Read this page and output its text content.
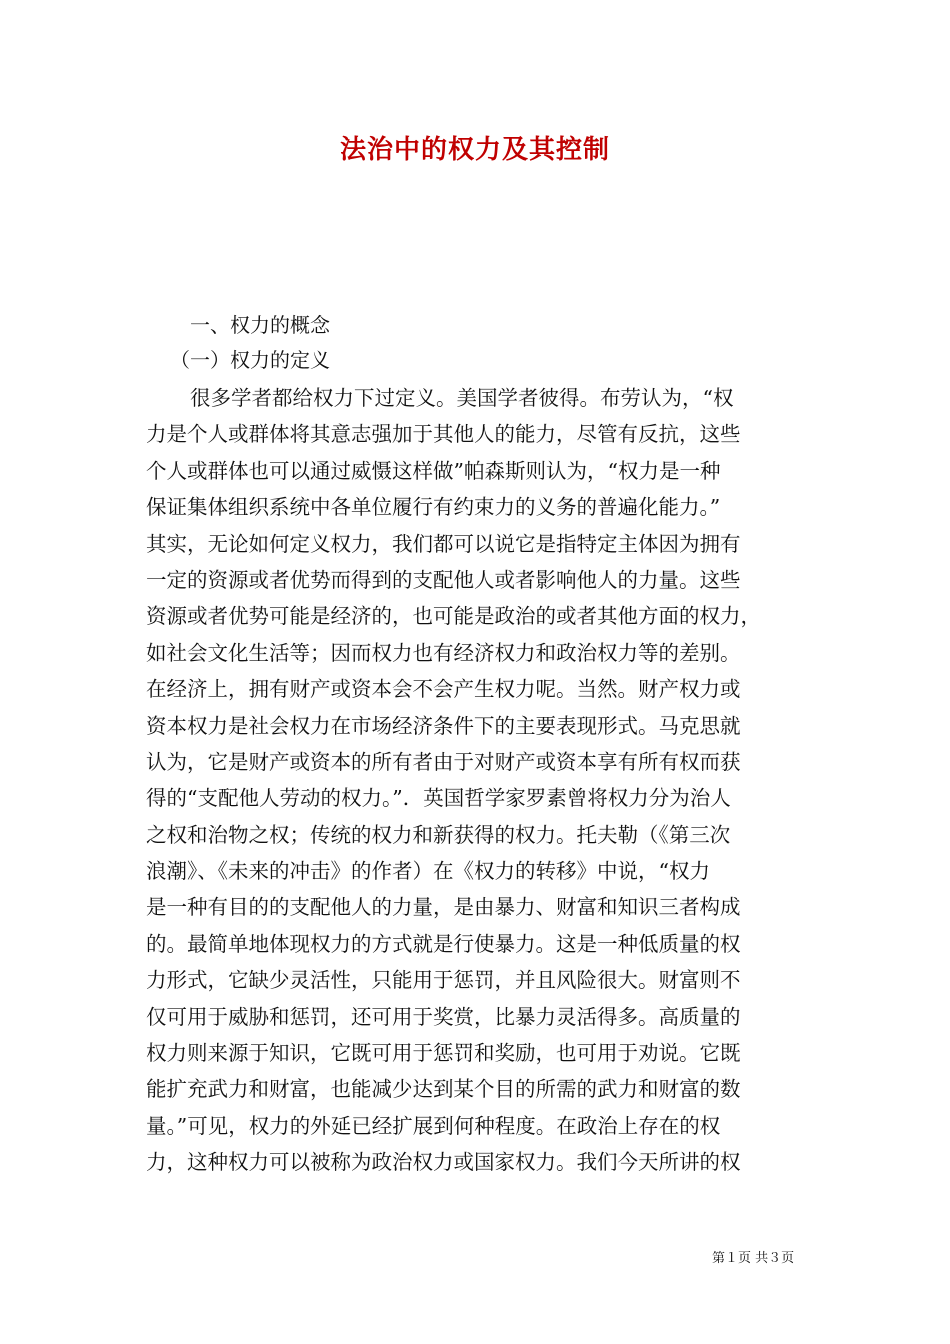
法治中的权力及其控制
一、权力的概念
（一）权力的定义
很多学者都给权力下过定义。美国学者彼得。布劳认为，“权
力是个人或群体将其意志强加于其他人的能力，尽管有反抗，这些
个人或群体也可以通过威慑这样做”帕森斯则认为，“权力是一种
保证集体组织系统中各单位履行有约束力的义务的普遍化能力。”
其实，无论如何定义权力，我们都可以说它是指特定主体因为拥有
一定的资源或者优势而得到的支配他人或者影响他人的力量。这些
资源或者优势可能是经济的，也可能是政治的或者其他方面的权力，
如社会文化生活等；因而权力也有经济权力和政治权力等的差别。
在经济上，拥有财产或资本会不会产生权力呢。当然。财产权力或
资本权力是社会权力在市场经济条件下的主要表现形式。马克思就
认为，它是财产或资本的所有者由于对财产或资本享有所有权而获
得的“支配他人劳动的权力。”．英国哲学家罗素曾将权力分为治人
之权和治物之权；传统的权力和新获得的权力。托夫勒（《第三次
浪潮》、《未来的冲击》的作者）在《权力的转移》中说，“权力
是一种有目的的支配他人的力量，是由暴力、财富和知识三者构成
的。最简单地体现权力的方式就是行使暴力。这是一种低质量的权
力形式，它缺少灵活性，只能用于惩罚，并且风险很大。财富则不
仅可用于威胁和惩罚，还可用于奖赏，比暴力灵活得多。高质量的
权力则来源于知识，它既可用于惩罚和奖励，也可用于劝说。它既
能扩充武力和财富，也能减少达到某个目的所需的武力和财富的数
量。”可见，权力的外延已经扩展到何种程度。在政治上存在的权
力，这种权力可以被称为政治权力或国家权力。我们今天所讲的权
第１页 共３页
